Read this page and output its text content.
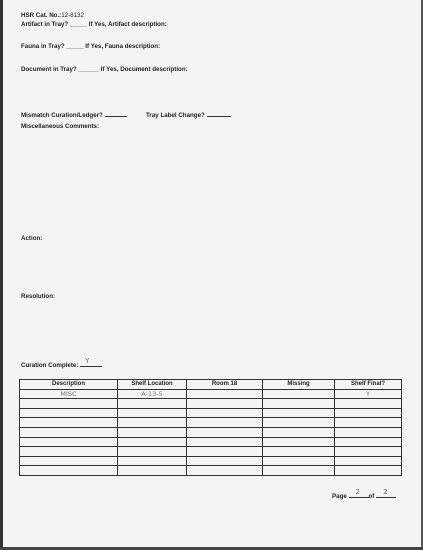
HSR Cat. No.:12-8132
Artifact in Tray? _____ If Yes, Artifact description:
Fauna in Tray? _____ If Yes, Fauna description:
Document in Tray? ______ If Yes, Document description:
Mismatch Curation/Ledger?	Tray Label Change?
Miscellaneous Comments:
Action:
Resolution:
Curation Complete:
Y
Description	Shelf Location	Room 18	Missing	Shelf Final?
MISC	A-13-5			Y

Page
2
of
2
